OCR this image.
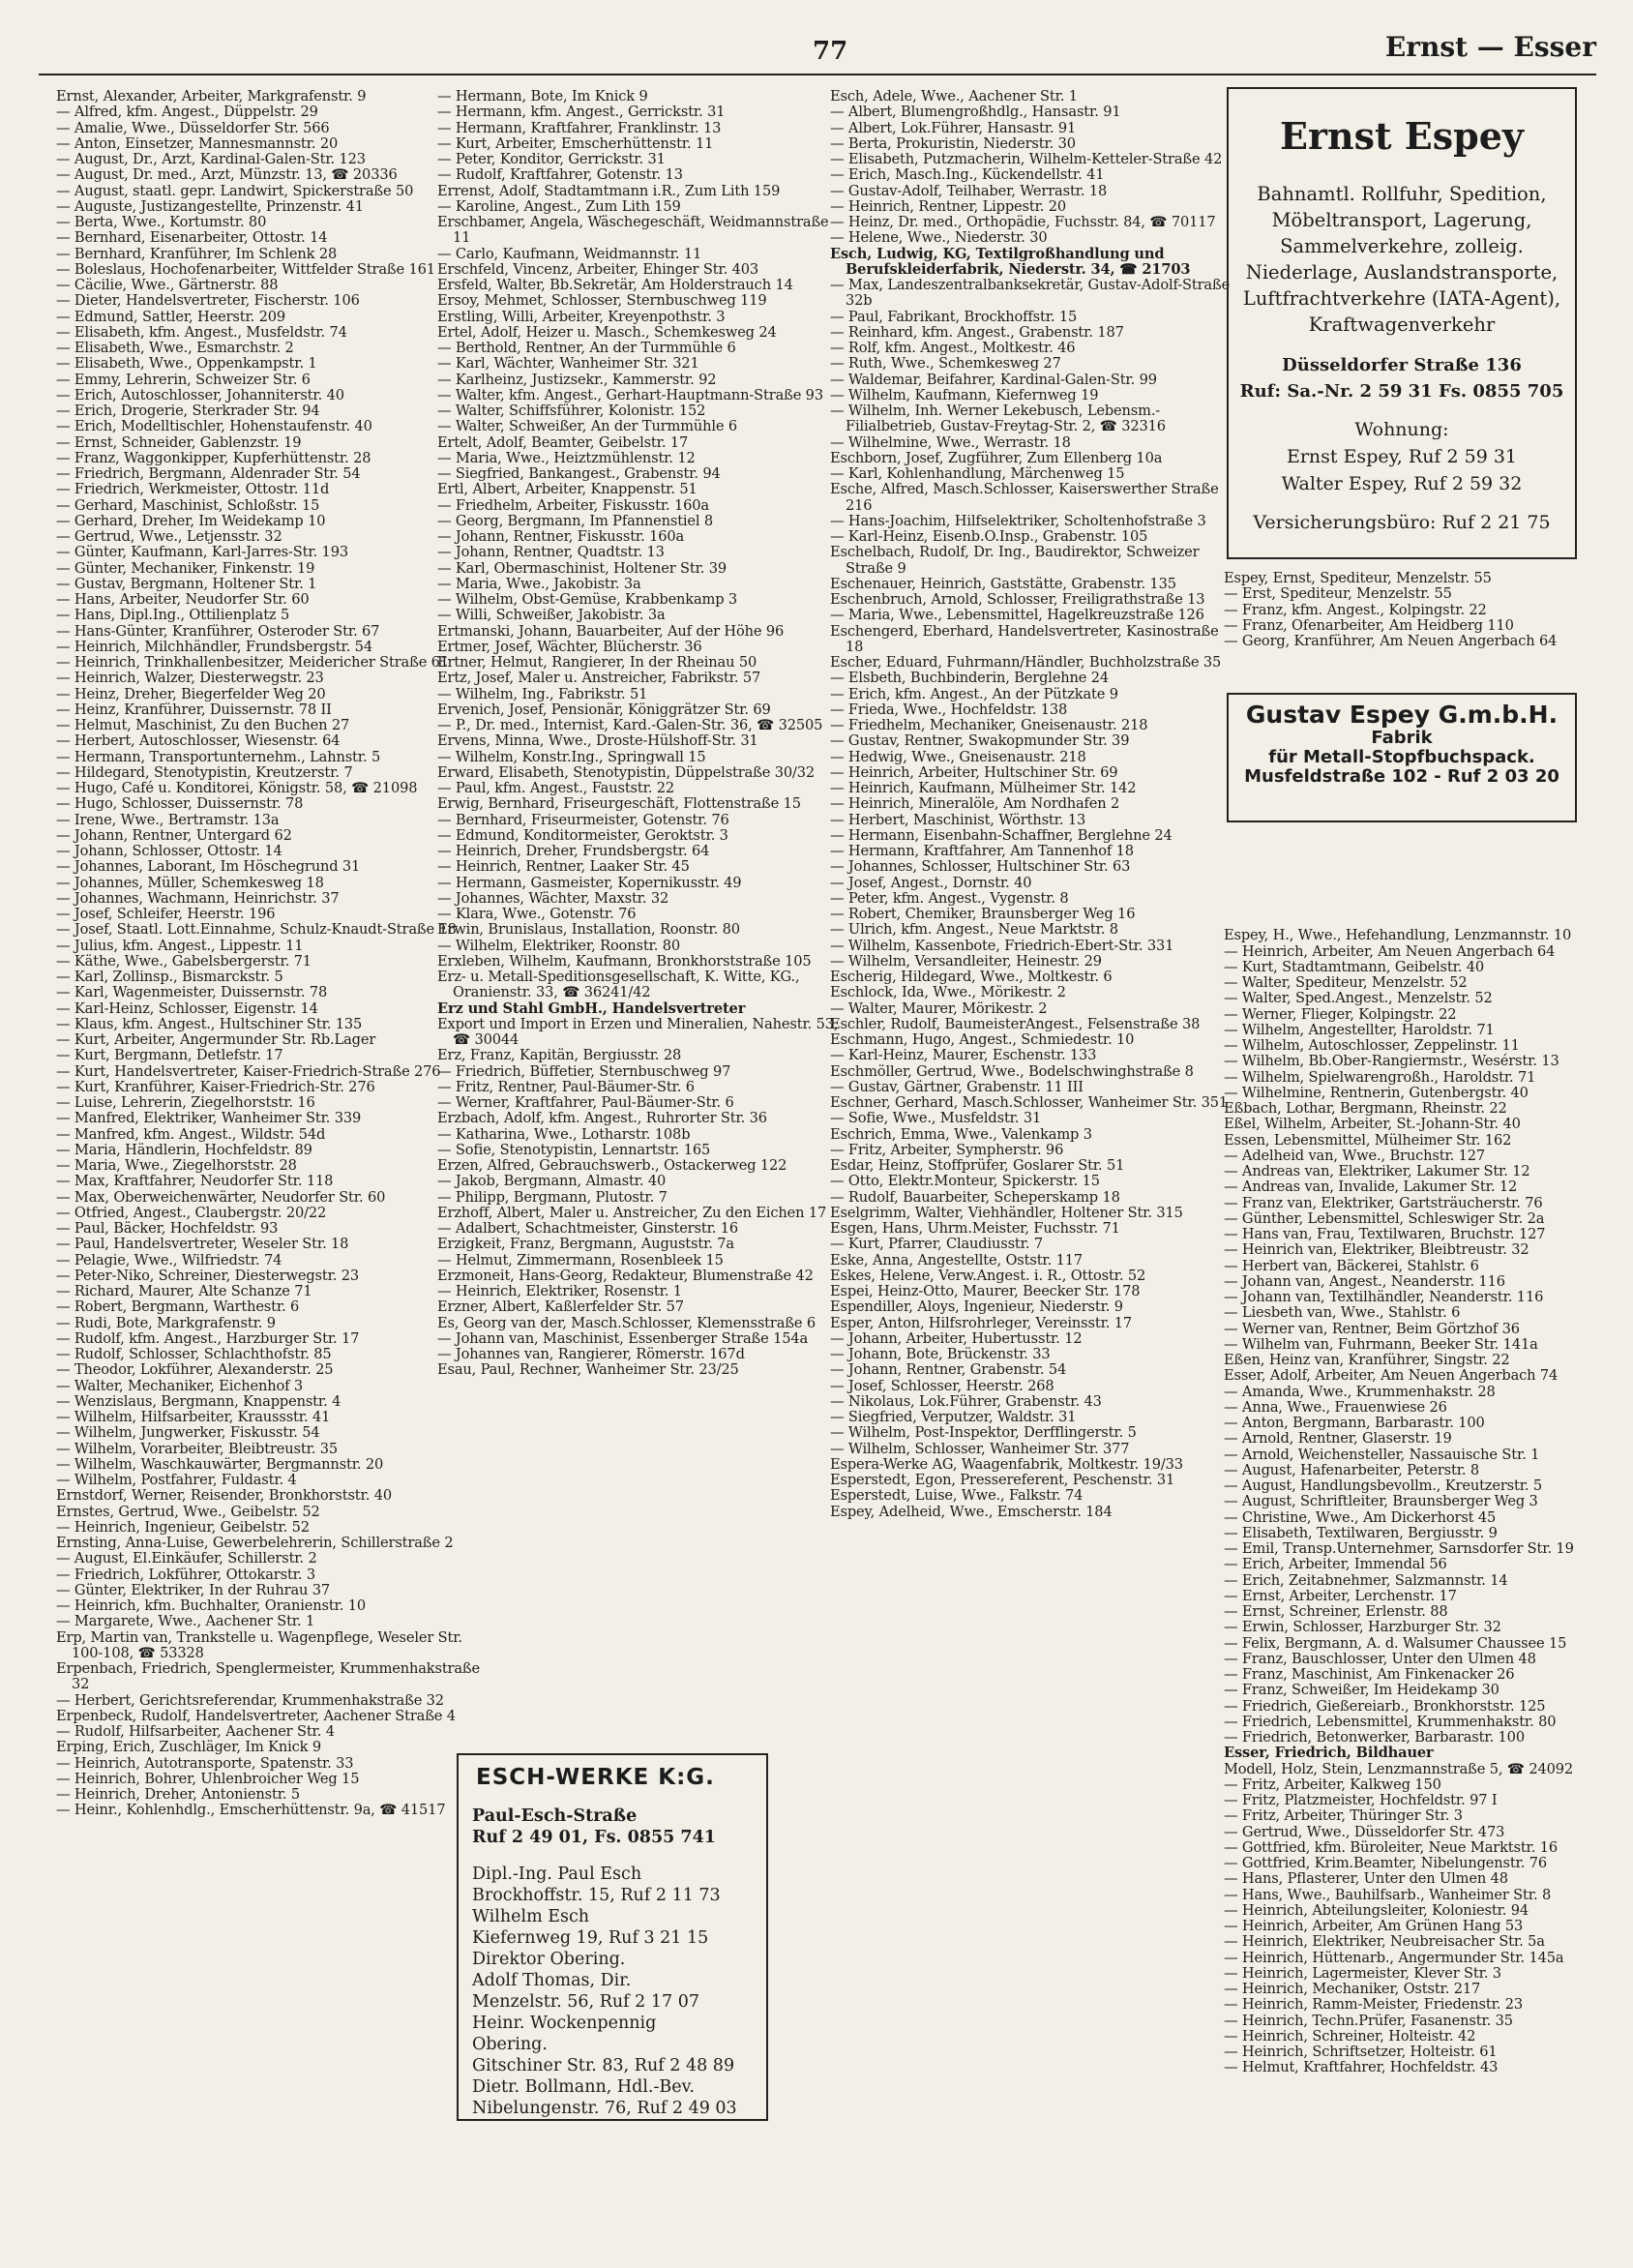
77	Ernst — Esser
Ernst, Alexander, Arbeiter, Markgrafenstr. 9
— Alfred, kfm. Angest., Düppelstr. 29
— Amalie, Wwe., Düsseldorfer Str. 566
— Anton, Einsetzer, Mannesmannstr. 20
— August, Dr., Arzt, Kardinal-Galen-Str. 123
— August, Dr. med., Arzt, Münzstr. 13, ☎ 20336
— August, staatl. gepr. Landwirt, Spickerstraße 50
— Auguste, Justizangestellte, Prinzenstr. 41
— Berta, Wwe., Kortumstr. 80
— Bernhard, Eisenarbeiter, Ottostr. 14
— Bernhard, Kranführer, Im Schlenk 28
— Boleslaus, Hochofenarbeiter, Wittfelder Straße 161
— Cäcilie, Wwe., Gärtnerstr. 88
— Dieter, Handelsvertreter, Fischerstr. 106
— Edmund, Sattler, Heerstr. 209
— Elisabeth, kfm. Angest., Musfeldstr. 74
— Elisabeth, Wwe., Esmarchstr. 2
— Elisabeth, Wwe., Oppenkampstr. 1
— Emmy, Lehrerin, Schweizer Str. 6
— Erich, Autoschlosser, Johanniterstr. 40
— Erich, Drogerie, Sterkrader Str. 94
— Erich, Modelltischler, Hohenstaufenstr. 40
— Ernst, Schneider, Gablenzstr. 19
— Franz, Waggonkipper, Kupferhüttenstr. 28
— Friedrich, Bergmann, Aldenrader Str. 54
— Friedrich, Werkmeister, Ottostr. 11d
— Gerhard, Maschinist, Schloßstr. 15
— Gerhard, Dreher, Im Weidekamp 10
— Gertrud, Wwe., Letjensstr. 32
— Günter, Kaufmann, Karl-Jarres-Str. 193
— Günter, Mechaniker, Finkenstr. 19
— Gustav, Bergmann, Holtener Str. 1
— Hans, Arbeiter, Neudorfer Str. 60
— Hans, Dipl.Ing., Ottilienplatz 5
— Hans-Günter, Kranführer, Osteroder Str. 67
— Heinrich, Milchhändler, Frundsbergstr. 54
— Heinrich, Trinkhallenbesitzer, Meidericher Straße 61
— Heinrich, Walzer, Diesterwegstr. 23
— Heinz, Dreher, Biegerfelder Weg 20
— Heinz, Kranführer, Duissernstr. 78 II
— Helmut, Maschinist, Zu den Buchen 27
— Herbert, Autoschlosser, Wiesenstr. 64
— Hermann, Transportunternehm., Lahnstr. 5
— Hildegard, Stenotypistin, Kreutzerstr. 7
— Hugo, Café u. Konditorei, Königstr. 58, ☎ 21098
— Hugo, Schlosser, Duissernstr. 78
— Irene, Wwe., Bertramstr. 13a
— Johann, Rentner, Untergard 62
— Johann, Schlosser, Ottostr. 14
— Johannes, Laborant, Im Höschegrund 31
— Johannes, Müller, Schemkesweg 18
— Johannes, Wachmann, Heinrichstr. 37
— Josef, Schleifer, Heerstr. 196
— Josef, Staatl. Lott.Einnahme, Schulz-Knaudt-Straße 18
— Julius, kfm. Angest., Lippestr. 11
— Käthe, Wwe., Gabelsbergerstr. 71
— Karl, Zollinsp., Bismarckstr. 5
— Karl, Wagenmeister, Duissernstr. 78
— Karl-Heinz, Schlosser, Eigenstr. 14
— Klaus, kfm. Angest., Hultschiner Str. 135
— Kurt, Arbeiter, Angermunder Str. Rb.Lager
— Kurt, Bergmann, Detlefstr. 17
— Kurt, Handelsvertreter, Kaiser-Friedrich-Straße 276
— Kurt, Kranführer, Kaiser-Friedrich-Str. 276
— Luise, Lehrerin, Ziegelhorststr. 16
— Manfred, Elektriker, Wanheimer Str. 339
— Manfred, kfm. Angest., Wildstr. 54d
— Maria, Händlerin, Hochfeldstr. 89
— Maria, Wwe., Ziegelhorststr. 28
— Max, Kraftfahrer, Neudorfer Str. 118
— Max, Oberweichenwärter, Neudorfer Str. 60
— Otfried, Angest., Claubergstr. 20/22
— Paul, Bäcker, Hochfeldstr. 93
— Paul, Handelsvertreter, Weseler Str. 18
— Pelagie, Wwe., Wilfriedstr. 74
— Peter-Niko, Schreiner, Diesterwegstr. 23
— Richard, Maurer, Alte Schanze 71
— Robert, Bergmann, Warthestr. 6
— Rudi, Bote, Markgrafenstr. 9
— Rudolf, kfm. Angest., Harzburger Str. 17
— Rudolf, Schlosser, Schlachthofstr. 85
— Theodor, Lokführer, Alexanderstr. 25
— Walter, Mechaniker, Eichenhof 3
— Wenzislaus, Bergmann, Knappenstr. 4
— Wilhelm, Hilfsarbeiter, Kraussstr. 41
— Wilhelm, Jungwerker, Fiskusstr. 54
— Wilhelm, Vorarbeiter, Bleibtreustr. 35
— Wilhelm, Waschkauwärter, Bergmannstr. 20
— Wilhelm, Postfahrer, Fuldastr. 4
Ernstdorf, Werner, Reisender, Bronkhorststr. 40
Ernstes, Gertrud, Wwe., Geibelstr. 52
— Heinrich, Ingenieur, Geibelstr. 52
Ernsting, Anna-Luise, Gewerbelehrerin, Schillerstraße 2
— August, El.Einkäufer, Schillerstr. 2
— Friedrich, Lokführer, Ottokarstr. 3
— Günter, Elektriker, In der Ruhrau 37
— Heinrich, kfm. Buchhalter, Oranienstr. 10
— Margarete, Wwe., Aachener Str. 1
Erp, Martin van, Trankstelle u. Wagenpflege, Weseler Str. 100-108, ☎ 53328
Erpenbach, Friedrich, Spenglermeister, Krummenhakstraße 32
— Herbert, Gerichtsreferendar, Krummenhakstraße 32
Erpenbeck, Rudolf, Handelsvertreter, Aachener Straße 4
— Rudolf, Hilfsarbeiter, Aachener Str. 4
Erping, Erich, Zuschläger, Im Knick 9
— Heinrich, Autotransporte, Spatenstr. 33
— Heinrich, Bohrer, Uhlenbroicher Weg 15
— Heinrich, Dreher, Antonienstr. 5
— Heinr., Kohlenhdlg., Emscherhüttenstr. 9a, ☎ 41517
— Hermann, Bote, Im Knick 9
— Hermann, kfm. Angest., Gerrickstr. 31
— Hermann, Kraftfahrer, Franklinstr. 13
— Kurt, Arbeiter, Emscherhüttenstr. 11
— Peter, Konditor, Gerrickstr. 31
— Rudolf, Kraftfahrer, Gotenstr. 13
Errenst, Adolf, Stadtamtmann i.R., Zum Lith 159
— Karoline, Angest., Zum Lith 159
Erschbamer, Angela, Wäschegeschäft, Weidmannstraße 11
— Carlo, Kaufmann, Weidmannstr. 11
Erschfeld, Vincenz, Arbeiter, Ehinger Str. 403
Ersfeld, Walter, Bb.Sekretär, Am Holderstrauch 14
Ersoy, Mehmet, Schlosser, Sternbuschweg 119
Erstling, Willi, Arbeiter, Kreyenpothstr. 3
Ertel, Adolf, Heizer u. Masch., Schemkesweg 24
— Berthold, Rentner, An der Turmmühle 6
— Karl, Wächter, Wanheimer Str. 321
— Karlheinz, Justizsekr., Kammerstr. 92
— Walter, kfm. Angest., Gerhart-Hauptmann-Straße 93
— Walter, Schiffsführer, Kolonistr. 152
— Walter, Schweißer, An der Turmmühle 6
Ertelt, Adolf, Beamter, Geibelstr. 17
— Maria, Wwe., Heiztzmühlenstr. 12
— Siegfried, Bankangest., Grabenstr. 94
Ertl, Albert, Arbeiter, Knappenstr. 51
— Friedhelm, Arbeiter, Fiskusstr. 160a
— Georg, Bergmann, Im Pfannenstiel 8
— Johann, Rentner, Fiskusstr. 160a
— Johann, Rentner, Quadtstr. 13
— Karl, Obermaschinist, Holtener Str. 39
— Maria, Wwe., Jakobistr. 3a
— Wilhelm, Obst-Gemüse, Krabbenkamp 3
— Willi, Schweißer, Jakobistr. 3a
Ertmanski, Johann, Bauarbeiter, Auf der Höhe 96
Ertmer, Josef, Wächter, Blücherstr. 36
Ertner, Helmut, Rangierer, In der Rheinau 50
Ertz, Josef, Maler u. Anstreicher, Fabrikstr. 57
— Wilhelm, Ing., Fabrikstr. 51
Ervenich, Josef, Pensionär, Königgrätzer Str. 69
— P., Dr. med., Internist, Kard.-Galen-Str. 36, ☎ 32505
Ervens, Minna, Wwe., Droste-Hülshoff-Str. 31
— Wilhelm, Konstr.Ing., Springwall 15
Erward, Elisabeth, Stenotypistin, Düppelstraße 30/32
— Paul, kfm. Angest., Fauststr. 22
Erwig, Bernhard, Friseurgeschäft, Flottenstraße 15
— Bernhard, Friseurmeister, Gotenstr. 76
— Edmund, Konditormeister, Geroktstr. 3
— Heinrich, Dreher, Frundsbergstr. 64
— Heinrich, Rentner, Laaker Str. 45
— Hermann, Gasmeister, Kopernikusstr. 49
— Johannes, Wächter, Maxstr. 32
— Klara, Wwe., Gotenstr. 76
Erwin, Brunislaus, Installation, Roonstr. 80
— Wilhelm, Elektriker, Roonstr. 80
Erxleben, Wilhelm, Kaufmann, Bronkhorststraße 105
Erz- u. Metall-Speditionsgesellschaft, K. Witte, KG., Oranienstr. 33, ☎ 36241/42
Erz und Stahl GmbH., Handelsvertreter
Export und Import in Erzen und Mineralien, Nahestr. 53, ☎ 30044
Erz, Franz, Kapitän, Bergiusstr. 28
— Friedrich, Büffetier, Sternbuschweg 97
— Fritz, Rentner, Paul-Bäumer-Str. 6
— Werner, Kraftfahrer, Paul-Bäumer-Str. 6
Erzbach, Adolf, kfm. Angest., Ruhrorter Str. 36
— Katharina, Wwe., Lotharstr. 108b
— Sofie, Stenotypistin, Lennartstr. 165
Erzen, Alfred, Gebrauchswerb., Ostackerweg 122
— Jakob, Bergmann, Almastr. 40
— Philipp, Bergmann, Plutostr. 7
Erzhoff, Albert, Maler u. Anstreicher, Zu den Eichen 17
— Adalbert, Schachtmeister, Ginsterstr. 16
Erzigkeit, Franz, Bergmann, Auguststr. 7a
— Helmut, Zimmermann, Rosenbleek 15
Erzmoneit, Hans-Georg, Redakteur, Blumenstraße 42
— Heinrich, Elektriker, Rosenstr. 1
Erzner, Albert, Kaßlerfelder Str. 57
Es, Georg van der, Masch.Schlosser, Klemensstraße 6
— Johann van, Maschinist, Essenberger Straße 154a
— Johannes van, Rangierer, Römerstr. 167d
Esau, Paul, Rechner, Wanheimer Str. 23/25
Esch, Adele, Wwe., Aachener Str. 1
— Albert, Blumengroßhdlg., Hansastr. 91
— Albert, Lok.Führer, Hansastr. 91
— Berta, Prokuristin, Niederstr. 30
— Elisabeth, Putzmacherin, Wilhelm-Ketteler-Straße 42
— Erich, Masch.Ing., Kückendellstr. 41
— Gustav-Adolf, Teilhaber, Werrastr. 18
— Heinrich, Rentner, Lippestr. 20
— Heinz, Dr. med., Orthopädie, Fuchsstr. 84, ☎ 70117
— Helene, Wwe., Niederstr. 30
Esch, Ludwig, KG, Textilgroßhandlung und Berufskleiderfabrik, Niederstr. 34, ☎ 21703
— Max, Landeszentralbanksekretär, Gustav-Adolf-Straße 32b
— Paul, Fabrikant, Brockhoffstr. 15
— Reinhard, kfm. Angest., Grabenstr. 187
— Rolf, kfm. Angest., Moltkestr. 46
— Ruth, Wwe., Schemkesweg 27
— Waldemar, Beifahrer, Kardinal-Galen-Str. 99
— Wilhelm, Kaufmann, Kiefernweg 19
— Wilhelm, Inh. Werner Lekebusch, Lebensm.-Filialbetrieb, Gustav-Freytag-Str. 2, ☎ 32316
— Wilhelmine, Wwe., Werrastr. 18
Eschborn, Josef, Zugführer, Zum Ellenberg 10a
— Karl, Kohlenhandlung, Märchenweg 15
Esche, Alfred, Masch.Schlosser, Kaiserswerther Straße 216
— Hans-Joachim, Hilfselektriker, Scholtenhofstraße 3
— Karl-Heinz, Eisenb.O.Insp., Grabenstr. 105
Eschelbach, Rudolf, Dr. Ing., Baudirektor, Schweizer Straße 9
Eschenauer, Heinrich, Gaststätte, Grabenstr. 135
Eschenbruch, Arnold, Schlosser, Freiligrathstraße 13
— Maria, Wwe., Lebensmittel, Hagelkreuzstraße 126
Eschengerd, Eberhard, Handelsvertreter, Kasinostraße 18
Escher, Eduard, Fuhrmann/Händler, Buchholzstraße 35
— Elsbeth, Buchbinderin, Berglehne 24
— Erich, kfm. Angest., An der Pützkate 9
— Frieda, Wwe., Hochfeldstr. 138
— Friedhelm, Mechaniker, Gneisenaustr. 218
— Gustav, Rentner, Swakopmunder Str. 39
— Hedwig, Wwe., Gneisenaustr. 218
— Heinrich, Arbeiter, Hultschiner Str. 69
— Heinrich, Kaufmann, Mülheimer Str. 142
— Heinrich, Mineralöle, Am Nordhafen 2
— Herbert, Maschinist, Wörthstr. 13
— Hermann, Eisenbahn-Schaffner, Berglehne 24
— Hermann, Kraftfahrer, Am Tannenhof 18
— Johannes, Schlosser, Hultschiner Str. 63
— Josef, Angest., Dornstr. 40
— Peter, kfm. Angest., Vygenstr. 8
— Robert, Chemiker, Braunsberger Weg 16
— Ulrich, kfm. Angest., Neue Marktstr. 8
— Wilhelm, Kassenbote, Friedrich-Ebert-Str. 331
— Wilhelm, Versandleiter, Heinestr. 29
Escherig, Hildegard, Wwe., Moltkestr. 6
Eschlock, Ida, Wwe., Mörikestr. 2
— Walter, Maurer, Mörikestr. 2
Eschler, Rudolf, BaumeisterAngest., Felsenstraße 38
Eschmann, Hugo, Angest., Schmiedestr. 10
— Karl-Heinz, Maurer, Eschenstr. 133
Eschmöller, Gertrud, Wwe., Bodelschwinghstraße 8
— Gustav, Gärtner, Grabenstr. 11 III
Eschner, Gerhard, Masch.Schlosser, Wanheimer Str. 351
— Sofie, Wwe., Musfeldstr. 31
Eschrich, Emma, Wwe., Valenkamp 3
— Fritz, Arbeiter, Sympherstr. 96
Esdar, Heinz, Stoffprüfer, Goslarer Str. 51
— Otto, Elektr.Monteur, Spickerstr. 15
— Rudolf, Bauarbeiter, Scheperskamp 18
Eselgrimm, Walter, Viehhändler, Holtener Str. 315
Esgen, Hans, Uhrm.Meister, Fuchsstr. 71
— Kurt, Pfarrer, Claudiusstr. 7
Eske, Anna, Angestellte, Oststr. 117
Eskes, Helene, Verw.Angest. i. R., Ottostr. 52
Espei, Heinz-Otto, Maurer, Beecker Str. 178
Espendiller, Aloys, Ingenieur, Niederstr. 9
Esper, Anton, Hilfsrohrleger, Vereinsstr. 17
— Johann, Arbeiter, Hubertusstr. 12
— Johann, Bote, Brückenstr. 33
— Johann, Rentner, Grabenstr. 54
— Josef, Schlosser, Heerstr. 268
— Nikolaus, Lok.Führer, Grabenstr. 43
— Siegfried, Verputzer, Waldstr. 31
— Wilhelm, Post-Inspektor, Derfflingerstr. 5
— Wilhelm, Schlosser, Wanheimer Str. 377
Espera-Werke AG, Waagenfabrik, Moltkestr. 19/33
Esperstedt, Egon, Pressereferent, Peschenstr. 31
Esperstedt, Luise, Wwe., Falkstr. 74
Espey, Adelheid, Wwe., Emscherstr. 184
Espey, Ernst, Spediteur, Menzelstr. 55
— Erst, Spediteur, Menzelstr. 55
— Franz, kfm. Angest., Kolpingstr. 22
— Franz, Ofenarbeiter, Am Heidberg 110
— Georg, Kranführer, Am Neuen Angerbach 64
Espey, H., Wwe., Hefehandlung, Lenzmannstr. 10
— Heinrich, Arbeiter, Am Neuen Angerbach 64
— Kurt, Stadtamtmann, Geibelstr. 40
— Walter, Spediteur, Menzelstr. 52
— Walter, Sped.Angest., Menzelstr. 52
— Werner, Flieger, Kolpingstr. 22
— Wilhelm, Angestellter, Haroldstr. 71
— Wilhelm, Autoschlosser, Zeppelinstr. 11
— Wilhelm, Bb.Ober-Rangiermstr., Wesérstr. 13
— Wilhelm, Spielwarengroßh., Haroldstr. 71
— Wilhelmine, Rentnerin, Gutenbergstr. 40
Eßbach, Lothar, Bergmann, Rheinstr. 22
Eßel, Wilhelm, Arbeiter, St.-Johann-Str. 40
Essen, Lebensmittel, Mülheimer Str. 162
— Adelheid van, Wwe., Bruchstr. 127
— Andreas van, Elektriker, Lakumer Str. 12
— Andreas van, Invalide, Lakumer Str. 12
— Franz van, Elektriker, Gartsträucherstr. 76
— Günther, Lebensmittel, Schleswiger Str. 2a
— Hans van, Frau, Textilwaren, Bruchstr. 127
— Heinrich van, Elektriker, Bleibtreustr. 32
— Herbert van, Bäckerei, Stahlstr. 6
— Johann van, Angest., Neanderstr. 116
— Johann van, Textilhändler, Neanderstr. 116
— Liesbeth van, Wwe., Stahlstr. 6
— Werner van, Rentner, Beim Görtzhof 36
— Wilhelm van, Fuhrmann, Beeker Str. 141a
Eßen, Heinz van, Kranführer, Singstr. 22
Esser, Adolf, Arbeiter, Am Neuen Angerbach 74
— Amanda, Wwe., Krummenhakstr. 28
— Anna, Wwe., Frauenwiese 26
— Anton, Bergmann, Barbarastr. 100
— Arnold, Rentner, Glaserstr. 19
— Arnold, Weichensteller, Nassauische Str. 1
— August, Hafenarbeiter, Peterstr. 8
— August, Handlungsbevollm., Kreutzerstr. 5
— August, Schriftleiter, Braunsberger Weg 3
— Christine, Wwe., Am Dickerhorst 45
— Elisabeth, Textilwaren, Bergiusstr. 9
— Emil, Transp.Unternehmer, Sarnsdorfer Str. 19
— Erich, Arbeiter, Immendal 56
— Erich, Zeitabnehmer, Salzmannstr. 14
— Ernst, Arbeiter, Lerchenstr. 17
— Ernst, Schreiner, Erlenstr. 88
— Erwin, Schlosser, Harzburger Str. 32
— Felix, Bergmann, A. d. Walsumer Chaussee 15
— Franz, Bauschlosser, Unter den Ulmen 48
— Franz, Maschinist, Am Finkenacker 26
— Franz, Schweißer, Im Heidekamp 30
— Friedrich, Gießereiarb., Bronkhorststr. 125
— Friedrich, Lebensmittel, Krummenhakstr. 80
— Friedrich, Betonwerker, Barbarastr. 100
Esser, Friedrich, Bildhauer
Modell, Holz, Stein, Lenzmannstraße 5, ☎ 24092
— Fritz, Arbeiter, Kalkweg 150
— Fritz, Platzmeister, Hochfeldstr. 97 I
— Fritz, Arbeiter, Thüringer Str. 3
— Gertrud, Wwe., Düsseldorfer Str. 473
— Gottfried, kfm. Büroleiter, Neue Marktstr. 16
— Gottfried, Krim.Beamter, Nibelungenstr. 76
— Hans, Pflasterer, Unter den Ulmen 48
— Hans, Wwe., Bauhilfsarb., Wanheimer Str. 8
— Heinrich, Abteilungsleiter, Koloniestr. 94
— Heinrich, Arbeiter, Am Grünen Hang 53
— Heinrich, Elektriker, Neubreisacher Str. 5a
— Heinrich, Hüttenarb., Angermunder Str. 145a
— Heinrich, Lagermeister, Klever Str. 3
— Heinrich, Mechaniker, Oststr. 217
— Heinrich, Ramm-Meister, Friedenstr. 23
— Heinrich, Techn.Prüfer, Fasanenstr. 35
— Heinrich, Schreiner, Holteistr. 42
— Heinrich, Schriftsetzer, Holteistr. 61
— Helmut, Kraftfahrer, Hochfeldstr. 43
Ernst Espey
Bahnamtl. Rollfuhr, Spedition, Möbeltransport, Lagerung, Sammelverkehre, zolleig. Niederlage, Auslandstransporte, Luftfrachtverkehre (IATA-Agent), Kraftwagenverkehr
Düsseldorfer Straße 136
Ruf: Sa.-Nr. 2 59 31 Fs. 0855 705
Wohnung:
Ernst Espey, Ruf 2 59 31
Walter Espey, Ruf 2 59 32
Versicherungsbüro: Ruf 2 21 75
Gustav Espey G.m.b.H.
Fabrik
für Metall-Stopfbuchspack.
Musfeldstraße 102 - Ruf 2 03 20
ESCH-WERKE K:G.
Paul-Esch-Straße
Ruf 2 49 01, Fs. 0855 741
Dipl.-Ing. Paul Esch
Brockhoffstr. 15, Ruf 2 11 73
Wilhelm Esch
Kiefernweg 19, Ruf 3 21 15
Direktor Obering.
Adolf Thomas, Dir.
Menzelstr. 56, Ruf 2 17 07
Heinr. Wockenpennig
Obering.
Gitschiner Str. 83, Ruf 2 48 89
Dietr. Bollmann, Hdl.-Bev.
Nibelungenstr. 76, Ruf 2 49 03
